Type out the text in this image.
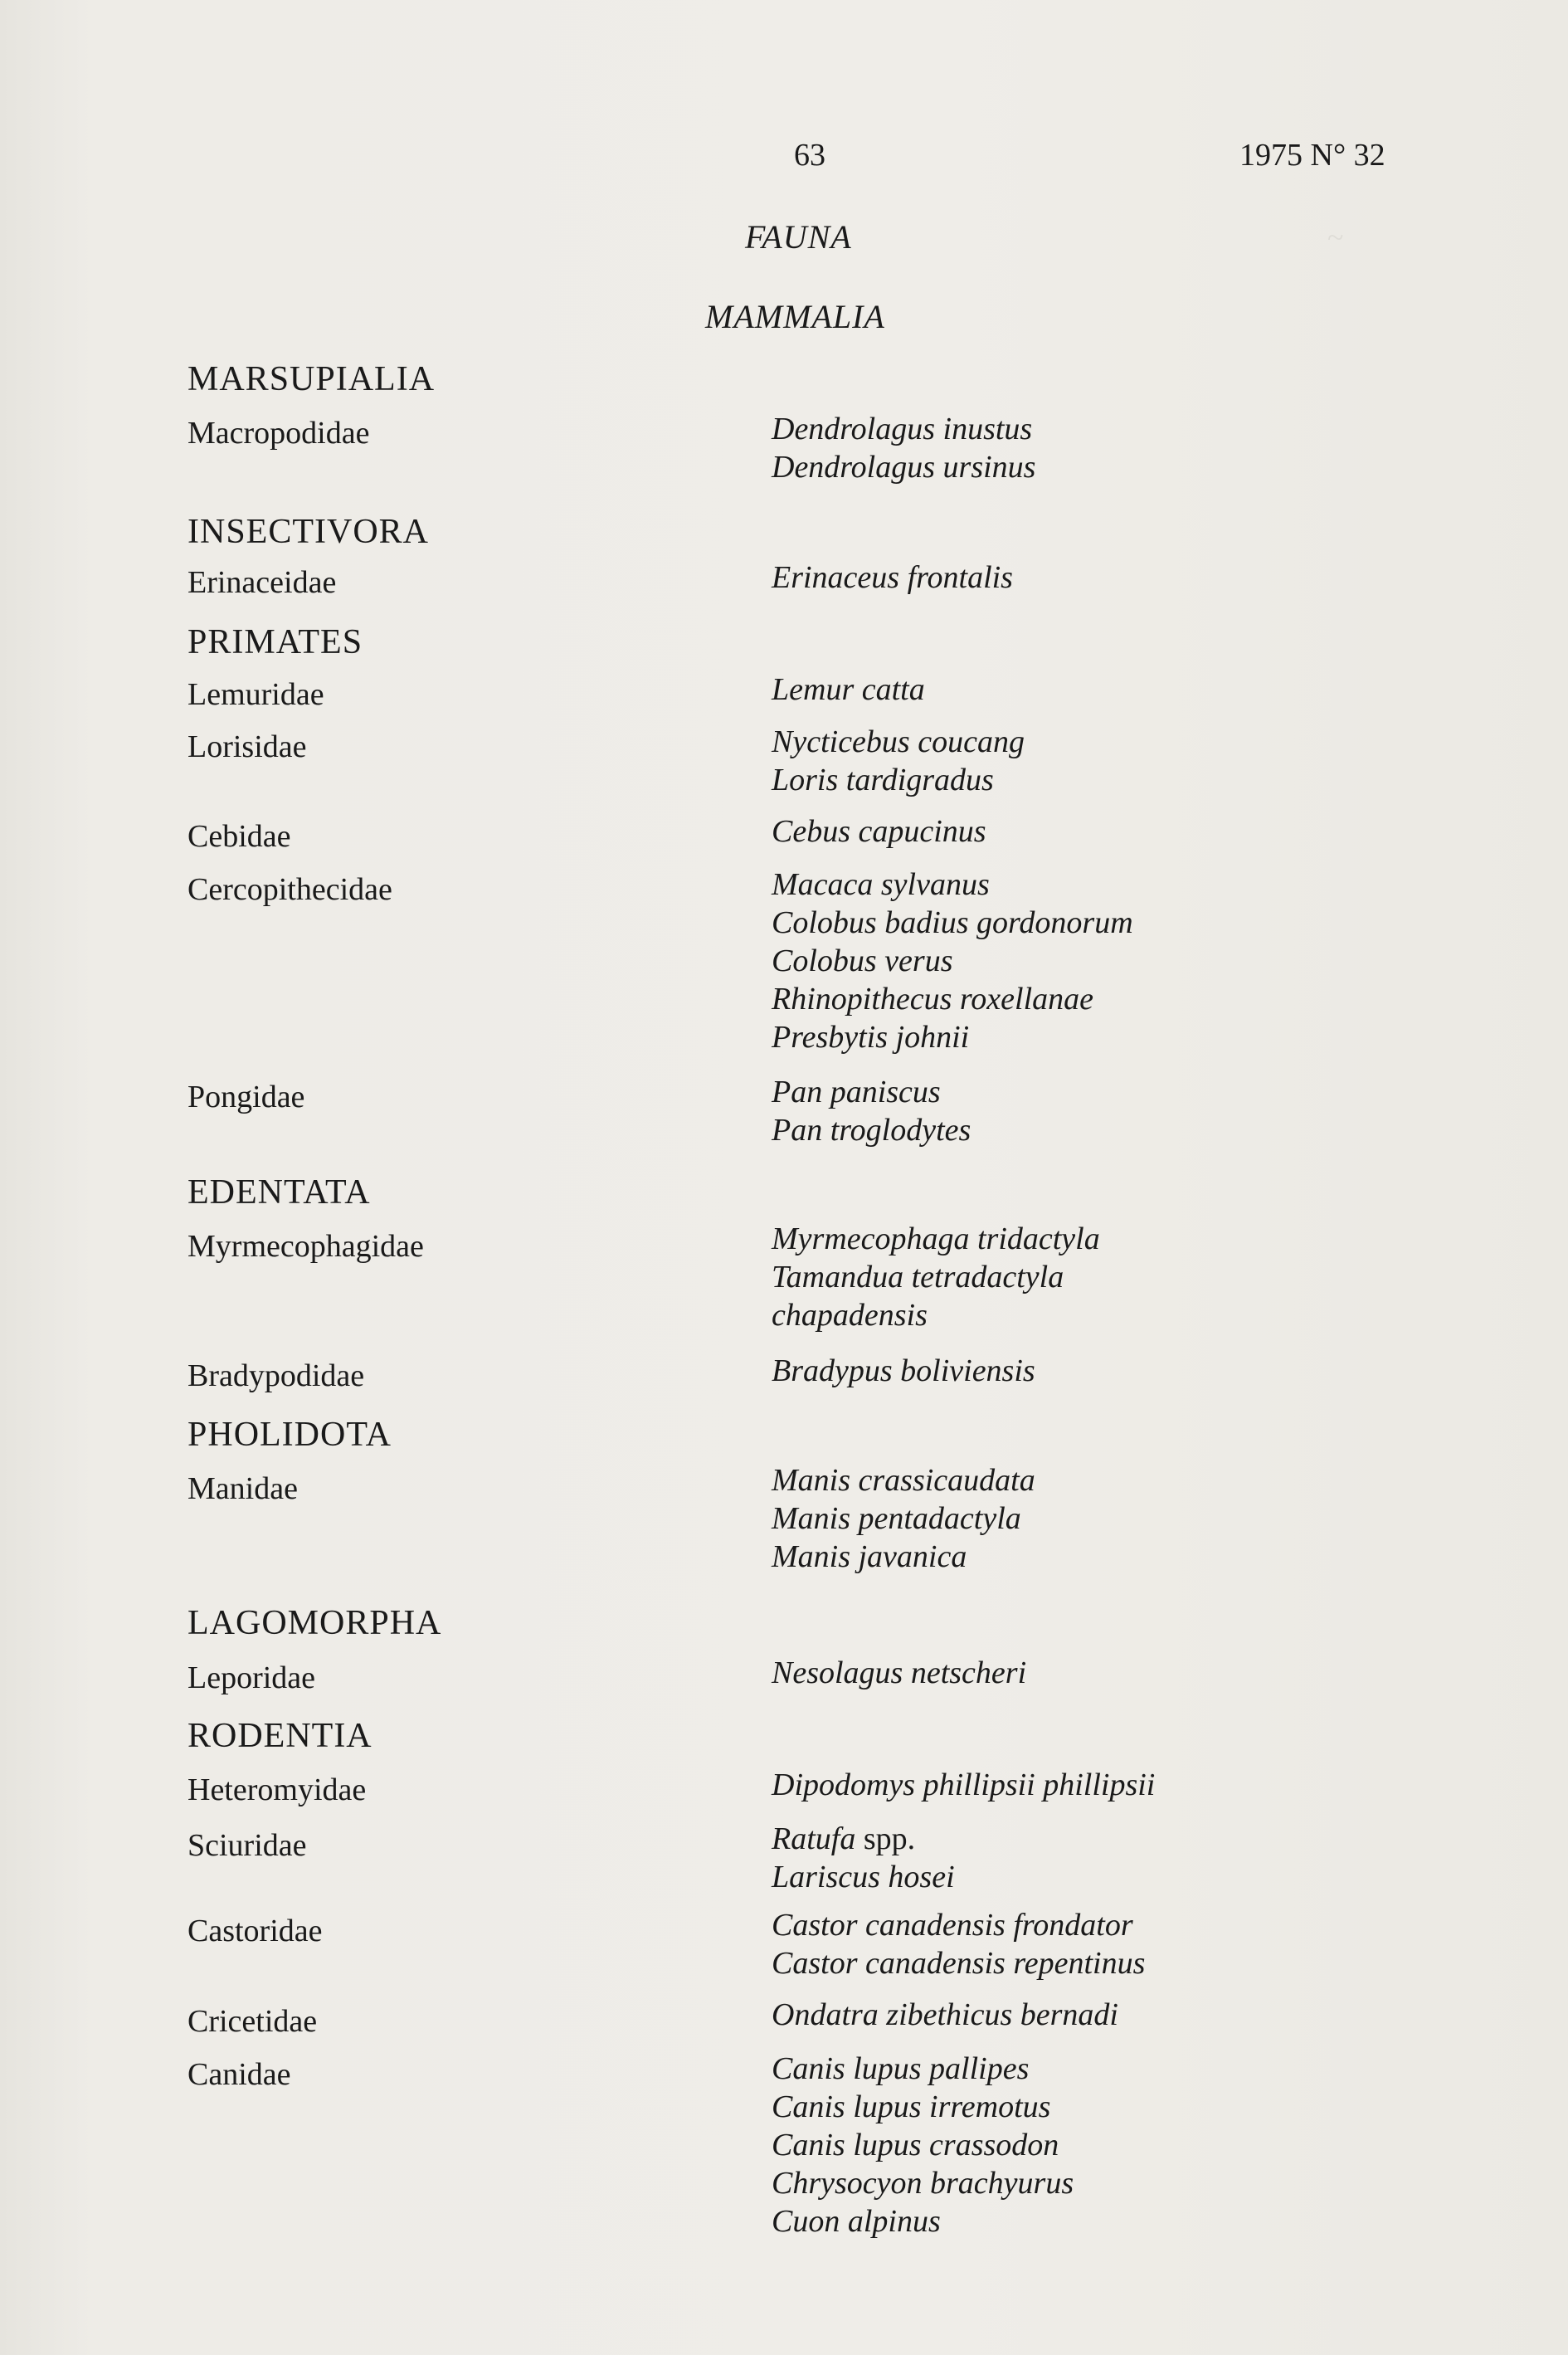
~
63	1975 N° 32
FAUNA
MAMMALIA
MARSUPIALIA
Macropodidae
INSECTIVORA
Erinaceidae
PRIMATES
Lemuridae
Lorisidae
Cebidae
Cercopithecidae
Pongidae
EDENTATA
Myrmecophagidae
Bradypodidae
PHOLIDOTA
Manidae
LAGOMORPHA
Leporidae
RODENTIA
Heteromyidae
Sciuridae
Castoridae
Cricetidae
Canidae
Dendrolagus inustus
Dendrolagus ursinus
Erinaceus frontalis
Lemur catta
Nycticebus coucang
Loris tardigradus
Cebus capucinus
Macaca sylvanus
Colobus badius gordonorum
Colobus verus
Rhinopithecus roxellanae
Presbytis johnii
Pan paniscus
Pan troglodytes
Myrmecophaga tridactyla
Tamandua tetradactyla
chapadensis
Bradypus boliviensis
Manis crassicaudata
Manis pentadactyla
Manis javanica
Nesolagus netscheri
Dipodomys phillipsii phillipsii
Ratufa spp.
Lariscus hosei
Castor canadensis frondator
Castor canadensis repentinus
Ondatra zibethicus bernadi
Canis lupus pallipes
Canis lupus irremotus
Canis lupus crassodon
Chrysocyon brachyurus
Cuon alpinus
